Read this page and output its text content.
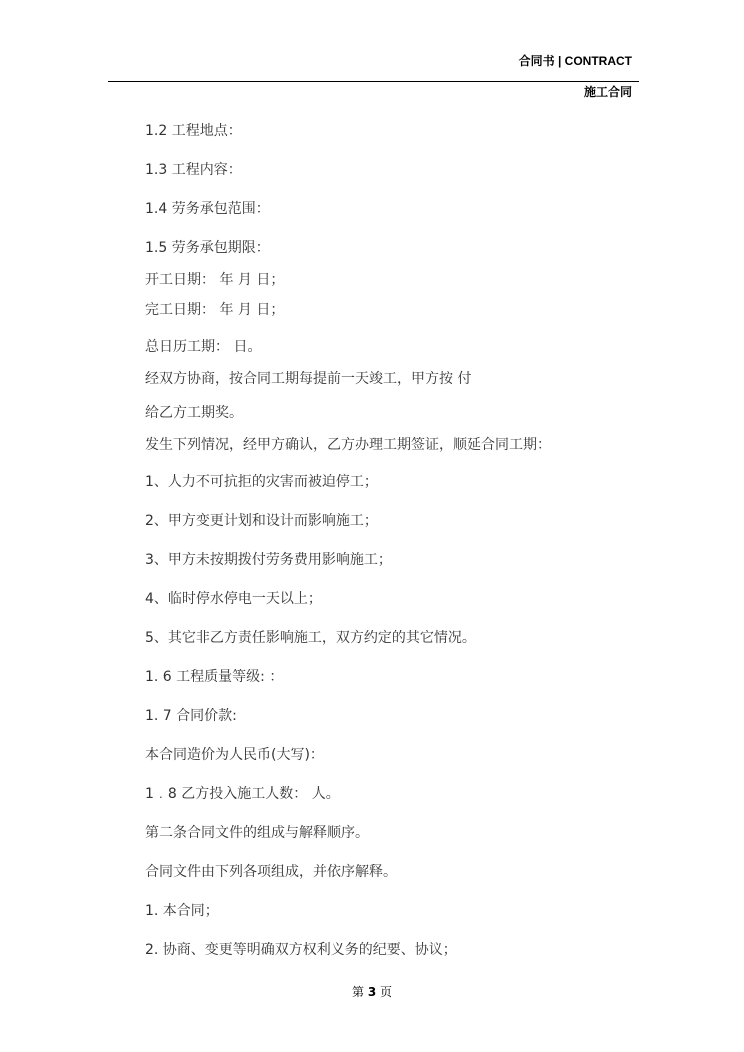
合同书 | CONTRACT
施工合同
1.2 工程地点：
1.3 工程内容：
1.4 劳务承包范围：
1.5 劳务承包期限：
开工日期： 年 月 日；
完工日期： 年 月 日；
总日历工期： 日。
经双方协商，按合同工期每提前一天竣工，甲方按 付
给乙方工期奖。
发生下列情况，经甲方确认，乙方办理工期签证，顺延合同工期：
1、人力不可抗拒的灾害而被迫停工；
2、甲方变更计划和设计而影响施工；
3、甲方未按期拨付劳务费用影响施工；
4、临时停水停电一天以上；
5、其它非乙方责任影响施工，双方约定的其它情况。
1. 6 工程质量等级: ：
1. 7 合同价款:
本合同造价为人民币(大写)：
1﹒8 乙方投入施工人数： 人。
第二条合同文件的组成与解释顺序。
合同文件由下列各项组成，并依序解释。
1. 本合同；
2. 协商、变更等明确双方权利义务的纪要、协议；
第 3 页
